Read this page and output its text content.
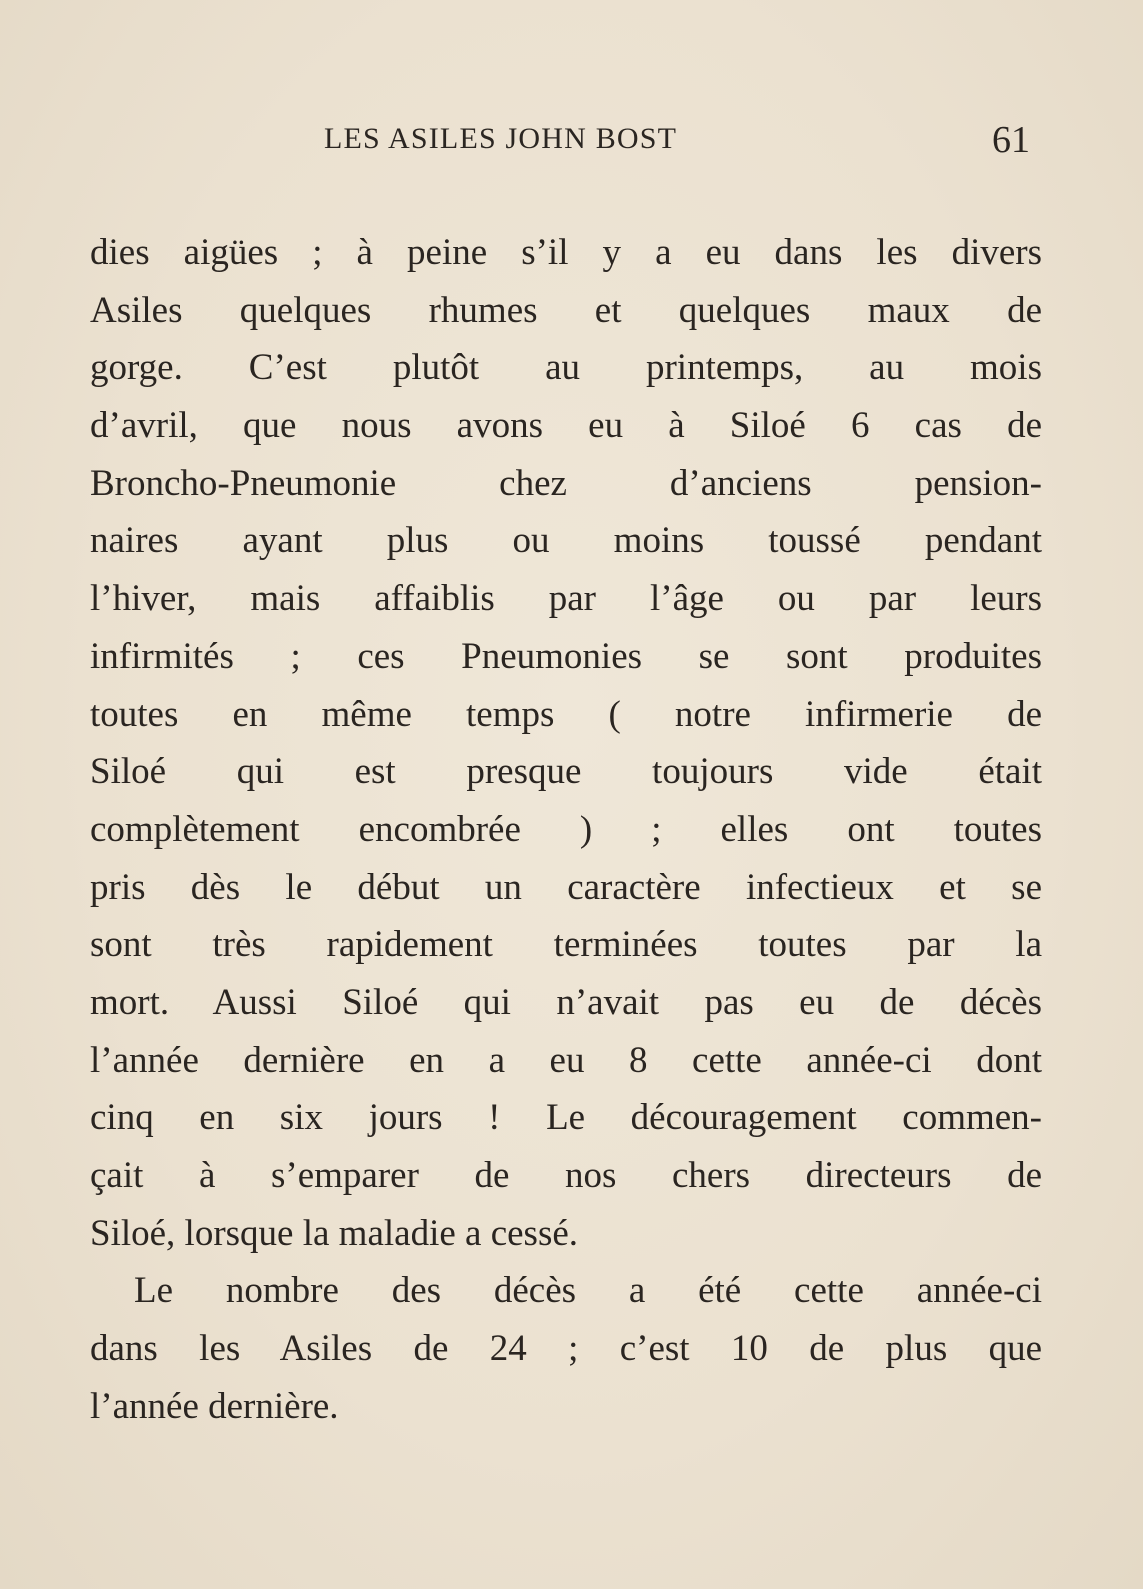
LES ASILES JOHN BOST	61
dies aigües ; à peine s’il y a eu dans les divers
Asiles quelques rhumes et quelques maux de
gorge. C’est plutôt au printemps, au mois
d’avril, que nous avons eu à Siloé 6 cas de
Broncho-Pneumonie chez d’anciens pension-
naires ayant plus ou moins toussé pendant
l’hiver, mais affaiblis par l’âge ou par leurs
infirmités ; ces Pneumonies se sont produites
toutes en même temps ( notre infirmerie de
Siloé qui est presque toujours vide était
complètement encombrée ) ; elles ont toutes
pris dès le début un caractère infectieux et se
sont très rapidement terminées toutes par la
mort. Aussi Siloé qui n’avait pas eu de décès
l’année dernière en a eu 8 cette année-ci dont
cinq en six jours ! Le découragement commen-
çait à s’emparer de nos chers directeurs de
Siloé, lorsque la maladie a cessé.
Le nombre des décès a été cette année-ci
dans les Asiles de 24 ; c’est 10 de plus que
l’année dernière.
